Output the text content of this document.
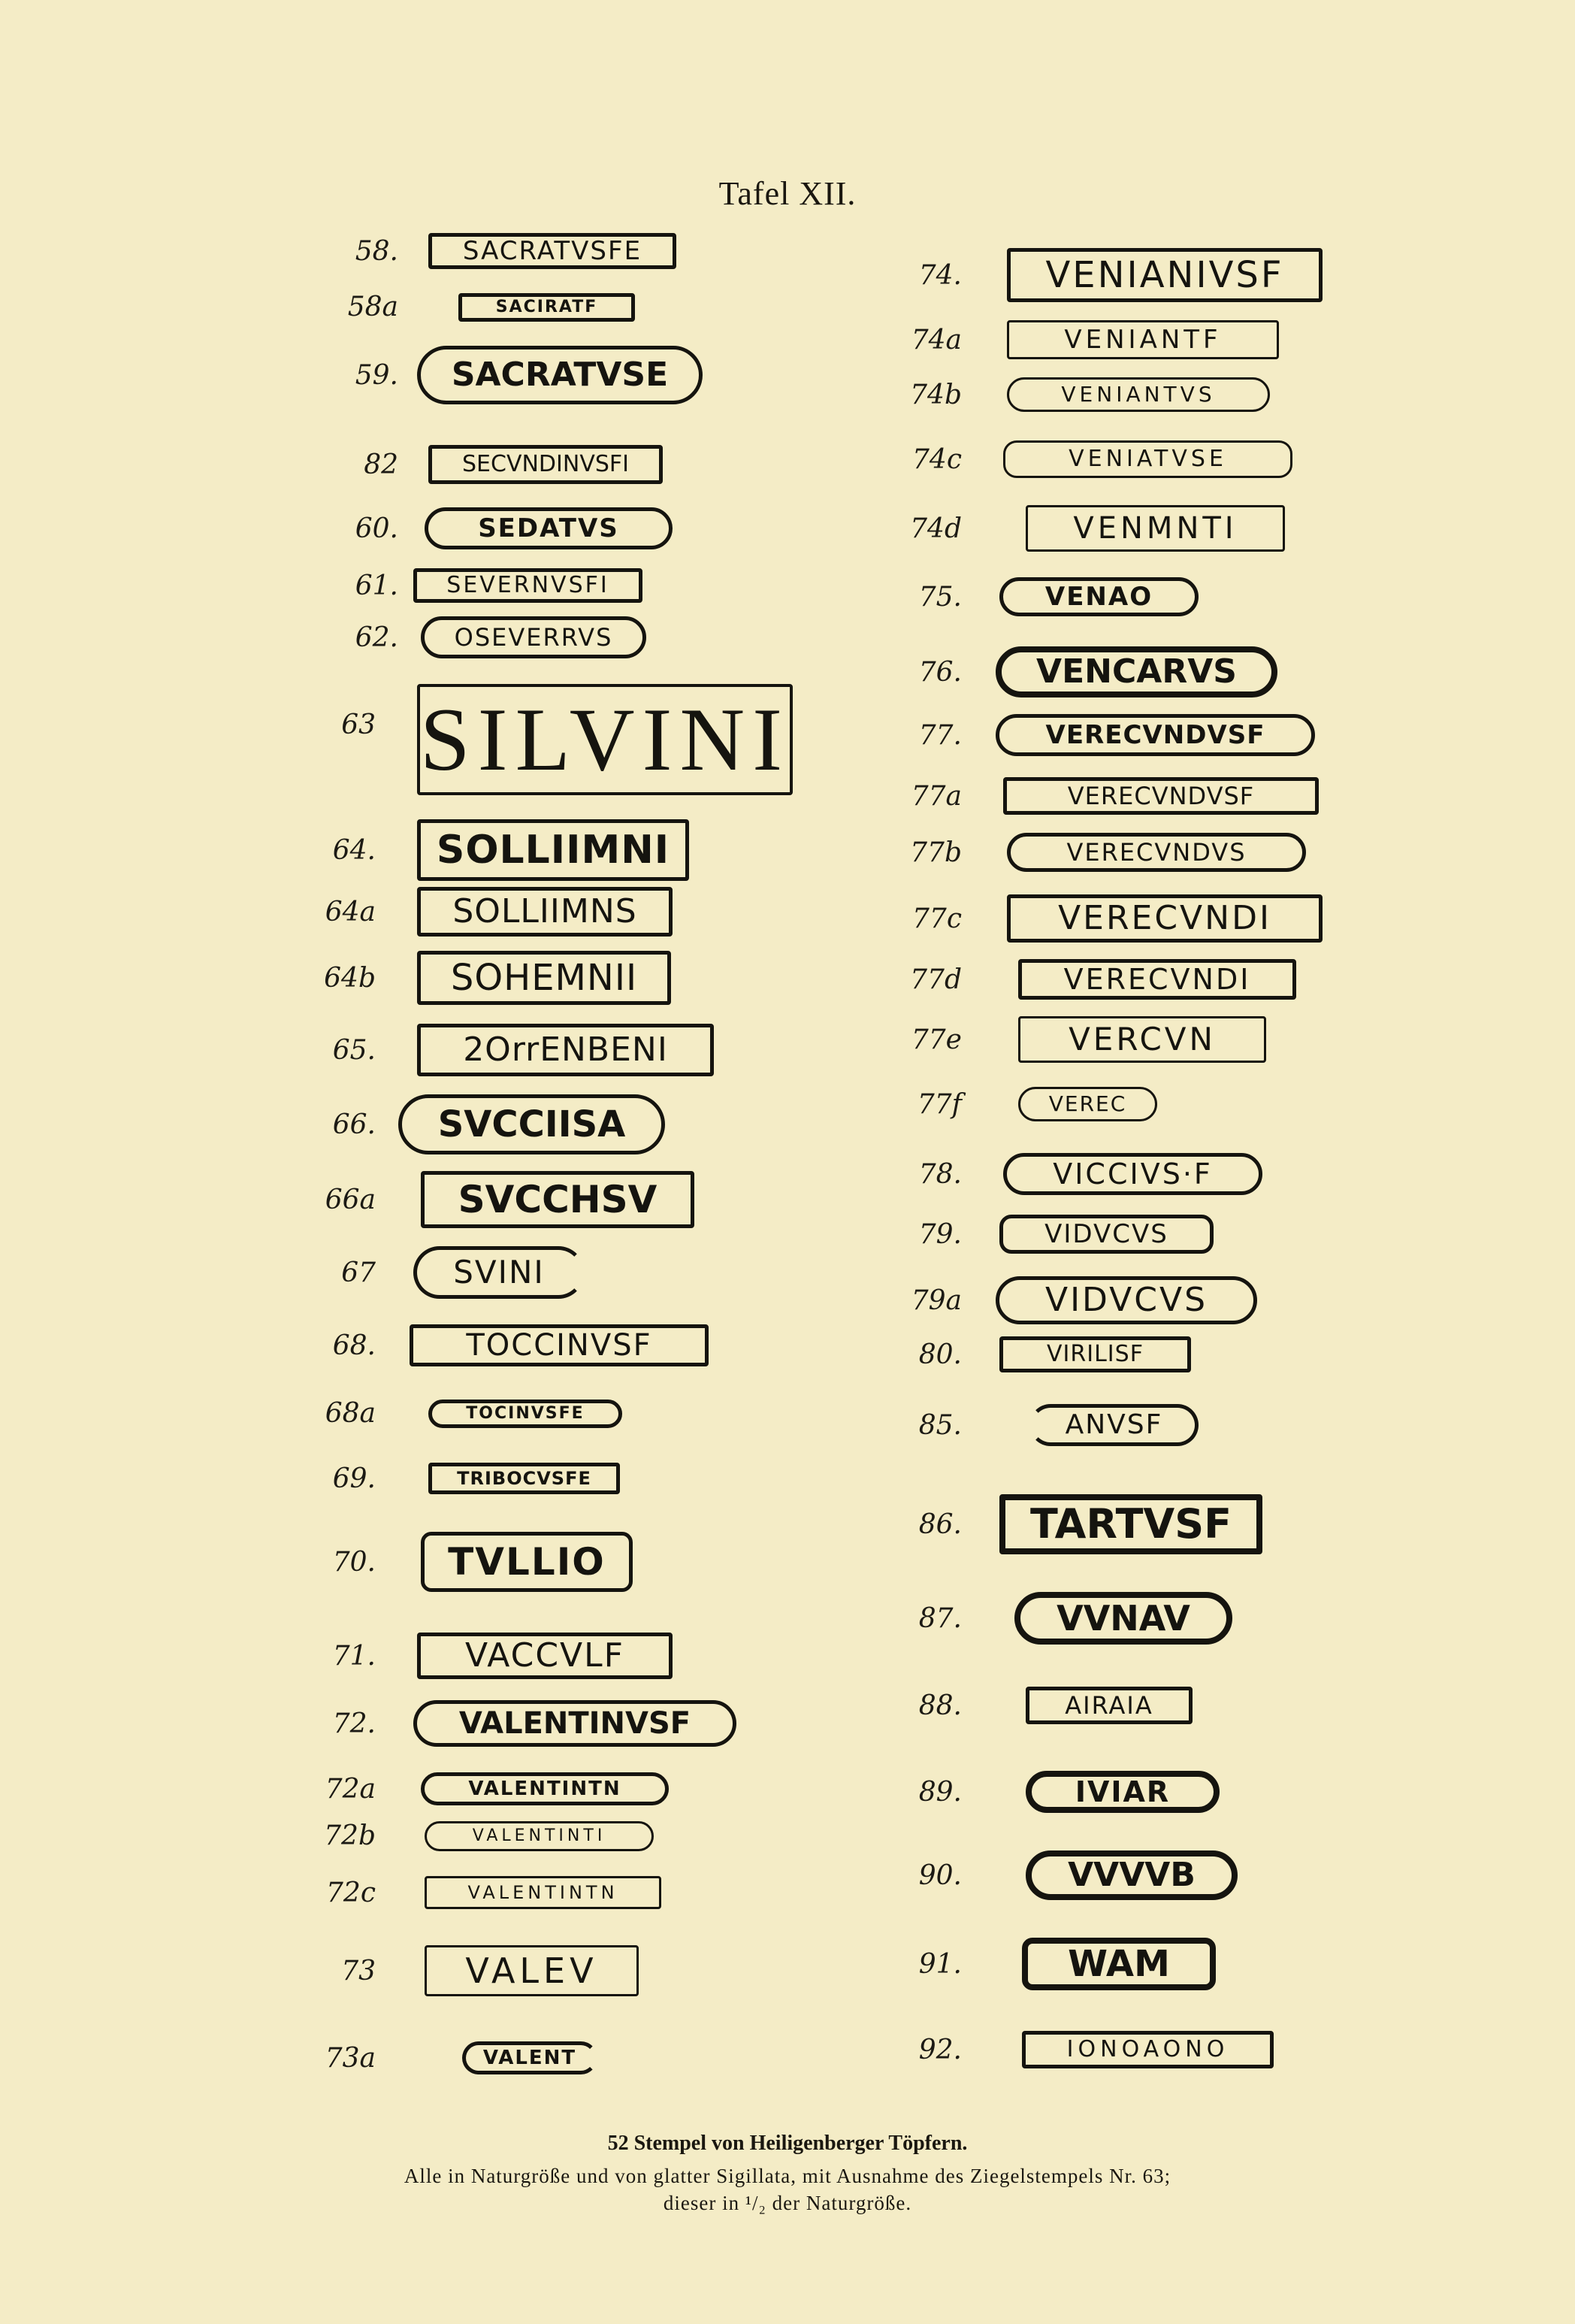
Tafel XII.
58.	SACRATVSFE
58a	SACIRATF
59.	SACRATVSE
82	SECVNDINVSFI
60.	SEDATVS
61.	SEVERNVSFI
62.	OSEVERRVS
63 SILVINI
64.	SOLLIIMNI
64a	SOLLIIMNS
64b	SOHEMNII
65.	2OrrENBENI
66.	SVCCIISA
66a	SVCCHSV
67	SVINI
68.	TOCCINVSF
68a	TOCINVSFE
69.	TRIBOCVSFE
70.	TVLLIO
71.	VACCVLF
72.	VALENTINVSF
72a	VALENTINTN
72b	VALENTINTI
72c	VALENTINTN
73	VALEV
73a	VALENT
74.	VENIANIVSF
74a	VENIANTF
74b	VENIANTVS
74c	VENIATVSE
74d	VENMNTI
75.	VENAO
76.	VENCARVS
77.	VERECVNDVSF
77a	VERECVNDVSF
77b	VERECVNDVS
77c	VERECVNDI
77d	VERECVNDI
77e	VERCVN
77f	VEREC
78.	VICCIVS·F
79.	VIDVCVS
79a	VIDVCVS
80.	VIRILISF
85.	ANVSF
86.	TARTVSF
87.	VVNAV
88.	AIRAIA
89.	IVIAR
90.	VVVVB
91.	WAM
92.	IONOAONO
52 Stempel von Heiligenberger Töpfern.
Alle in Naturgröße und von glatter Sigillata, mit Ausnahme des Ziegelstempels Nr. 63;
dieser in ¹/₂ der Naturgröße.
